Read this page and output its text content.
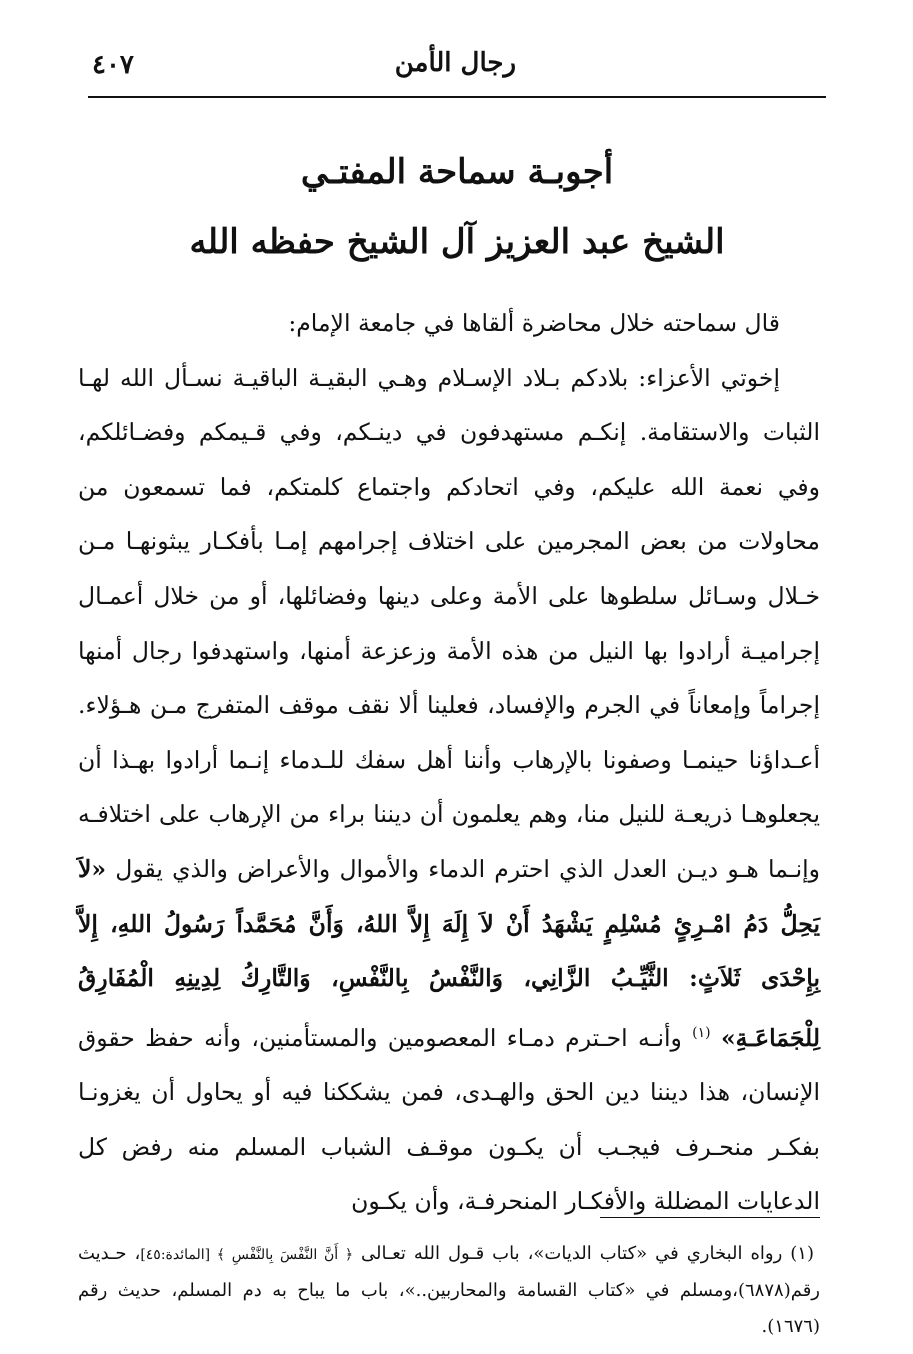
رجال الأمن
٤٠٧
أجوبـة سماحة المفتـي
الشيخ عبد العزيز آل الشيخ حفظه الله

قال سماحته خلال محاضرة ألقاها في جامعة الإمام:

إخوتي الأعزاء: بلادكم بـلاد الإسـلام وهـي البقيـة الباقيـة نسـأل الله لهـا الثبات والاستقامة. إنكـم مستهدفون في دينـكم، وفي قـيمكم وفضـائلكم، وفي نعمة الله عليكم، وفي اتحادكم واجتماع كلمتكم، فما تسمعون من محاولات من بعض المجرمين على اختلاف إجرامهم إمـا بأفكـار يبثونهـا مـن خـلال وسـائل سلطوها على الأمة وعلى دينها وفضائلها، أو من خلال أعمـال إجراميـة أرادوا بها النيل من هذه الأمة وزعزعة أمنها، واستهدفوا رجال أمنها إجراماً وإمعاناً في الجرم والإفساد، فعلينا ألا نقف موقف المتفرج مـن هـؤلاء. أعـداؤنا حينمـا وصفونا بالإرهاب وأننا أهل سفك للـدماء إنـما أرادوا بهـذا أن يجعلوهـا ذريعـة للنيل منا، وهم يعلمون أن ديننا براء من الإرهاب على اختلافـه وإنـما هـو ديـن العدل الذي احترم الدماء والأموال والأعراض والذي يقول «لاَ يَحِلُّ دَمُ امْـرِئٍ مُسْلِمٍ يَشْهَدُ أَنْ لاَ إِلَهَ إِلاَّ اللهُ، وَأَنَّ مُحَمَّداً رَسُولُ اللهِ، إِلاَّ بِإِحْدَى ثَلاَثٍ: الثَّيِّـبُ الزَّانِي، وَالنَّفْسُ بِالنَّفْسِ، وَالتَّارِكُ لِدِينِهِ الْمُفَارِقُ لِلْجَمَاعَـةِ» $^{(١)}$ وأنـه احـترم دمـاء المعصومين والمستأمنين، وأنه حفظ حقوق الإنسان، هذا ديننا دين الحق والهـدى، فمن يشككنا فيه أو يحاول أن يغزونـا بفكـر منحـرف فيجـب أن يكـون موقـف الشباب المسلم منه رفض كل الدعايات المضللة والأفكـار المنحرفـة، وأن يكـون

(١) رواه البخاري في «كتاب الديات»، باب قـول الله تعـالى ﴿ أَنَّ النَّفْسَ بِالنَّفْسِ ﴾ [المائدة:٤٥]، حـديث رقم(٦٨٧٨)،ومسلم في «كتاب القسامة والمحاربين..»، باب ما يباح به دم المسلم، حديث رقم (١٦٧٦).
